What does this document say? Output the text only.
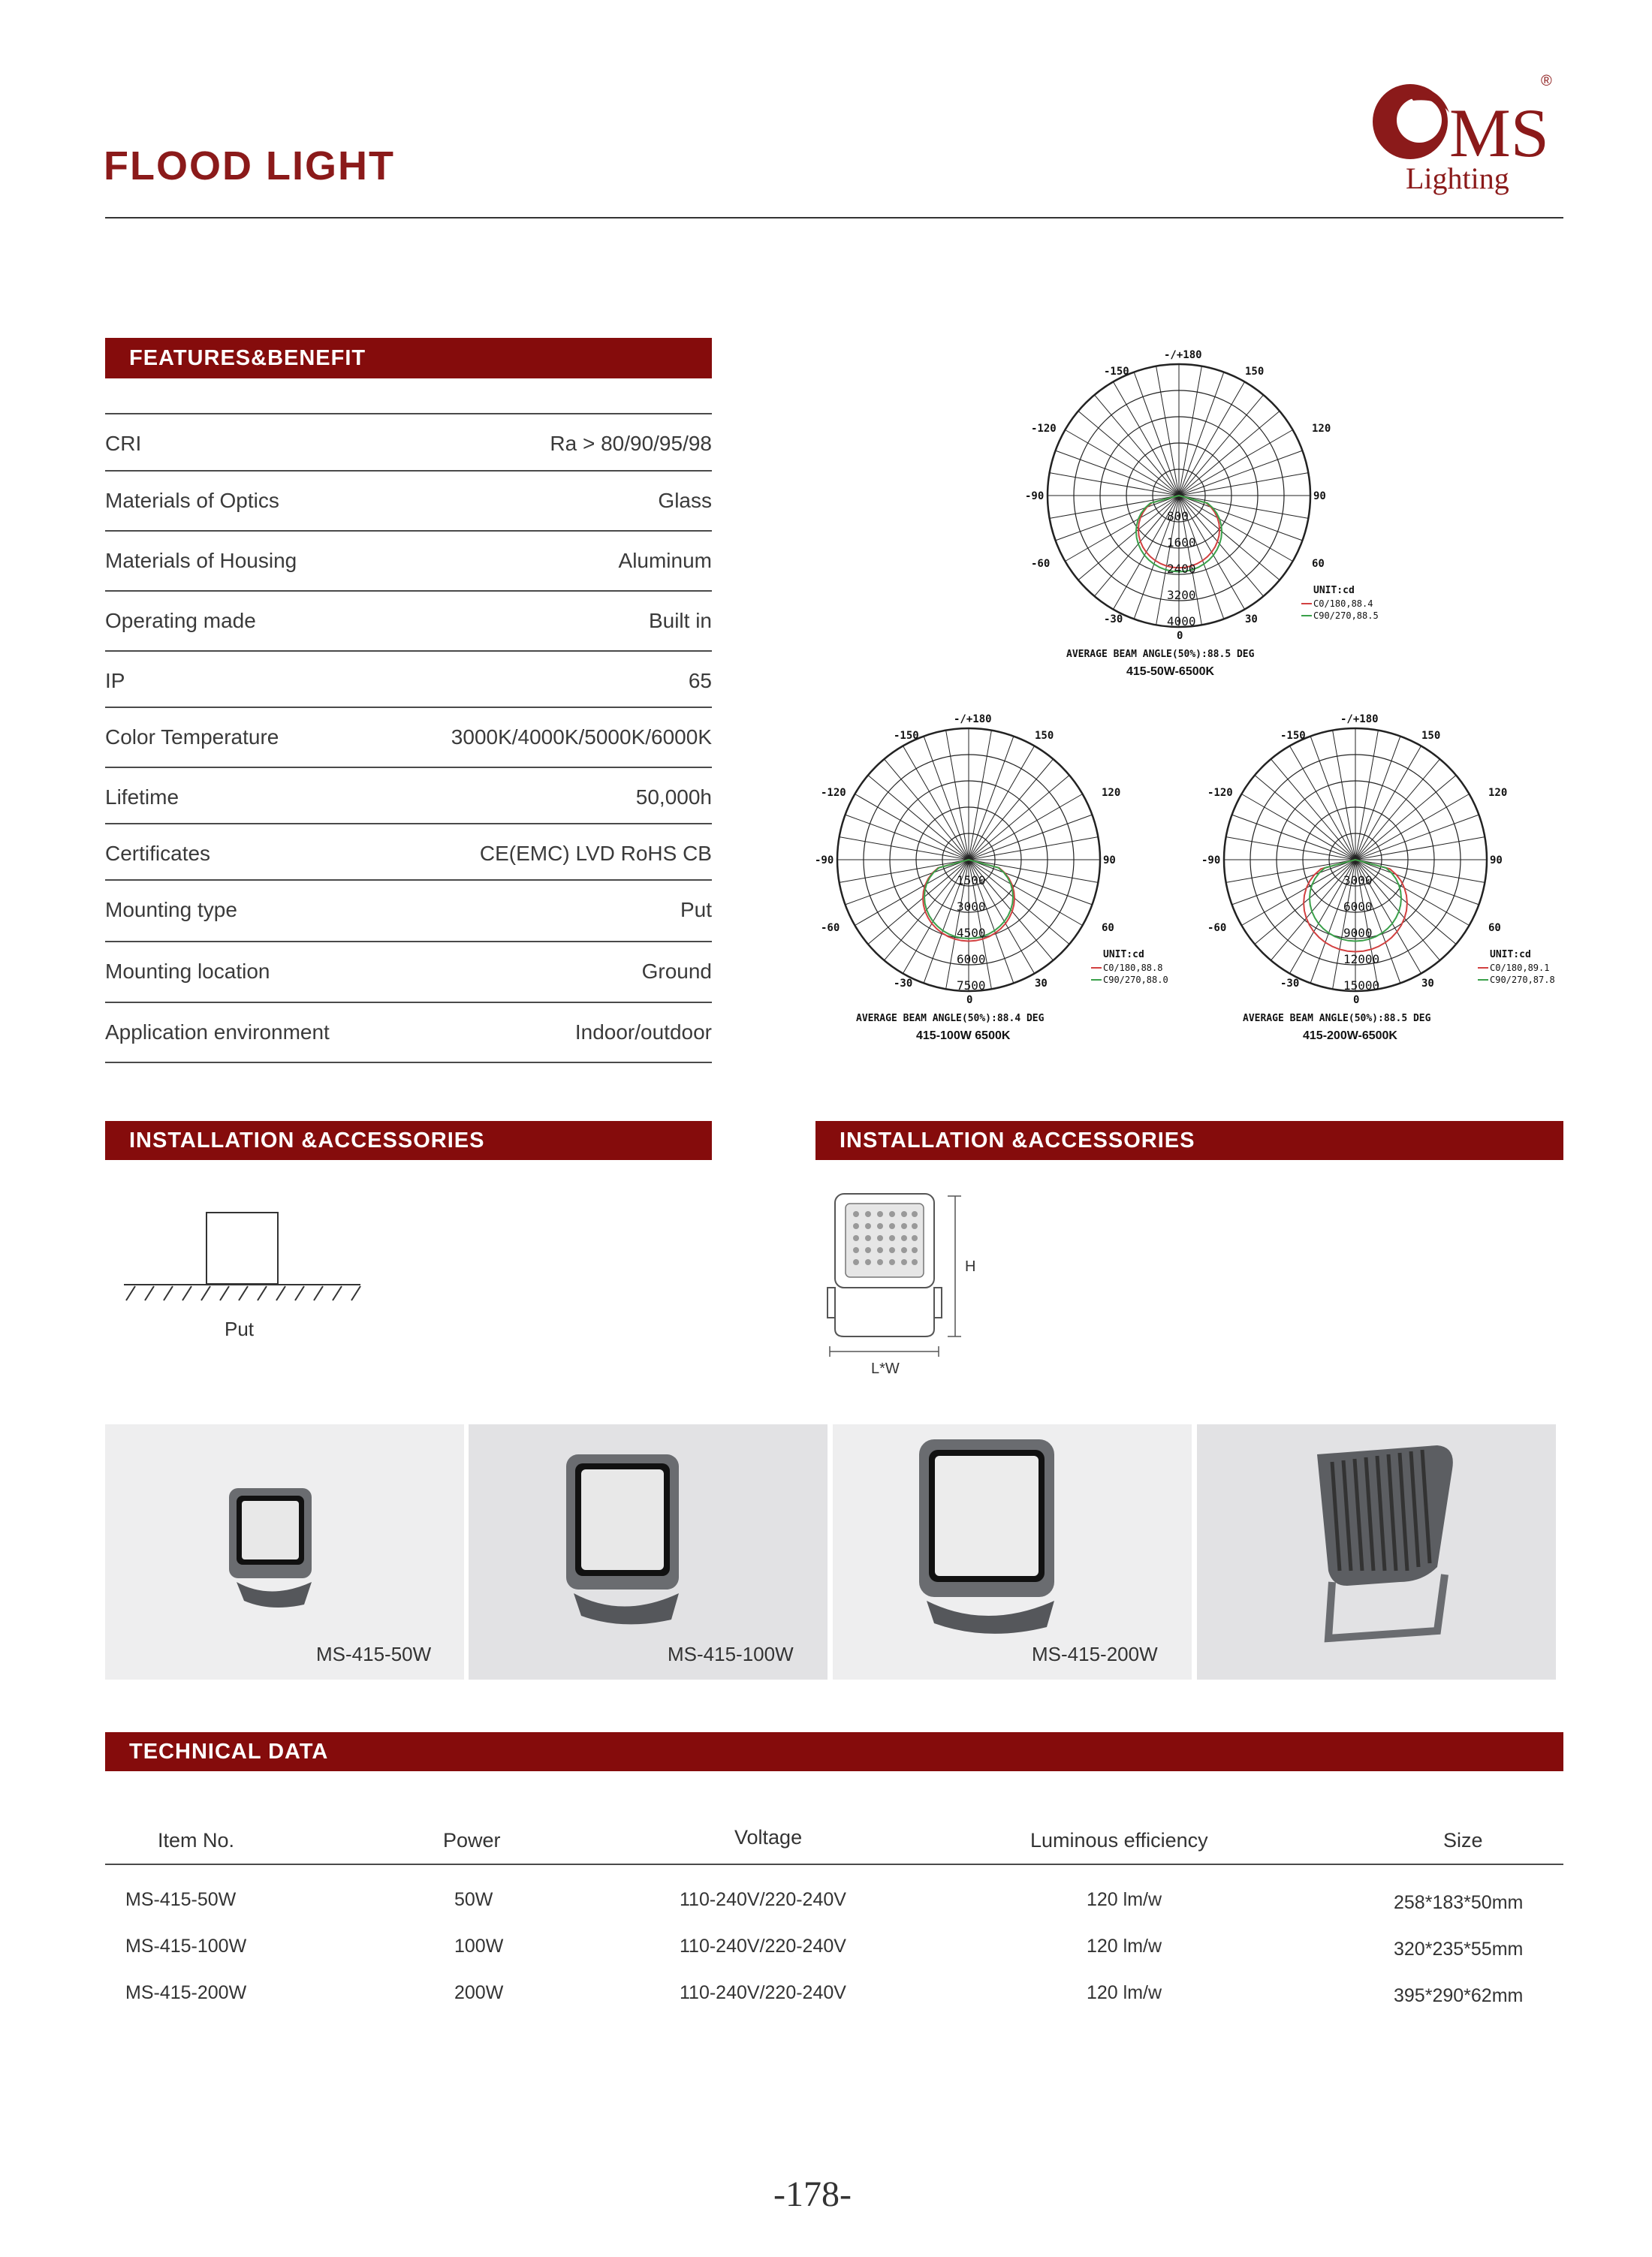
FLOOD LIGHT	MS
®
Lighting
FEATURES&BENEFIT
CRI	Ra > 80/90/95/98
Materials of Optics	Glass
Materials of Housing	Aluminum
Operating made	Built in
IP	65
Color Temperature	3000K/4000K/5000K/6000K
Lifetime	50,000h
Certificates	CE(EMC) LVD RoHS CB
Mounting type	Put
Mounting location	Ground
Application environment	Indoor/outdoor
800
1600
2400
3200
4000
-/+180
-150	150
-120	120
-90	90
-60	60
-30	30
0
UNIT:cd
C0/180,88.4
C90/270,88.5
AVERAGE BEAM ANGLE(50%):88.5 DEG
415-50W-6500K
1500
3000
4500
6000
7500
-/+180
-150	150
-120	120
-90	90
-60	60
-30	30
0
UNIT:cd
C0/180,88.8
C90/270,88.0
AVERAGE BEAM ANGLE(50%):88.4 DEG
415-100W 6500K
3000
6000
9000
12000
15000
-/+180
-150	150
-120	120
-90	90
-60	60
-30	30
0
UNIT:cd
C0/180,89.1
C90/270,87.8
AVERAGE BEAM ANGLE(50%):88.5 DEG
415-200W-6500K
INSTALLATION &ACCESSORIES	INSTALLATION &ACCESSORIES
Put
H
L*W
MS-415-50W	MS-415-100W	MS-415-200W
TECHNICAL DATA
Item No.	Power	Voltage	Luminous efficiency	Size
MS-415-50W	50W	110-240V/220-240V	120 lm/w	258*183*50mm
MS-415-100W	100W	110-240V/220-240V	120 lm/w	320*235*55mm
MS-415-200W	200W	110-240V/220-240V	120 lm/w	395*290*62mm
-178-
